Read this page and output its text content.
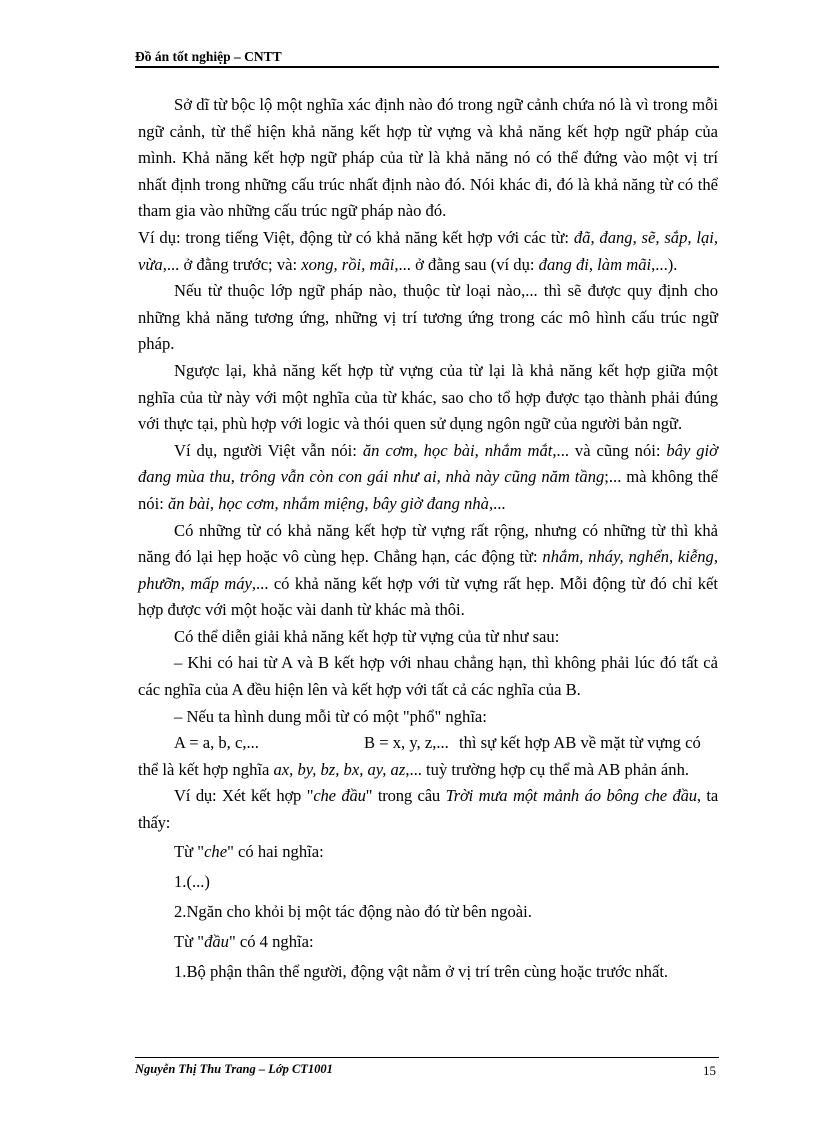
Đồ án tốt nghiệp – CNTT

Sở dĩ từ bộc lộ một nghĩa xác định nào đó trong ngữ cảnh chứa nó là vì trong mỗi ngữ cảnh, từ thể hiện khả năng kết hợp từ vựng và khả năng kết hợp ngữ pháp của mình. Khả năng kết hợp ngữ pháp của từ là khả năng nó có thể đứng vào một vị trí nhất định trong những cấu trúc nhất định nào đó. Nói khác đi, đó là khả năng từ có thể tham gia vào những cấu trúc ngữ pháp nào đó.

Ví dụ: trong tiếng Việt, động từ có khả năng kết hợp với các từ: đã, đang, sẽ, sắp, lại, vừa,... ở đằng trước; và: xong, rồi, mãi,... ở đằng sau (ví dụ: đang đi, làm mãi,...).

Nếu từ thuộc lớp ngữ pháp nào, thuộc từ loại nào,... thì sẽ được quy định cho những khả năng tương ứng, những vị trí tương ứng trong các mô hình cấu trúc ngữ pháp.

Ngược lại, khả năng kết hợp từ vựng của từ lại là khả năng kết hợp giữa một nghĩa của từ này với một nghĩa của từ khác, sao cho tổ hợp được tạo thành phải đúng với thực tại, phù hợp với logic và thói quen sử dụng ngôn ngữ của người bản ngữ.

Ví dụ, người Việt vẫn nói: ăn cơm, học bài, nhắm mắt,... và cũng nói: bây giờ đang mùa thu, trông vẫn còn con gái như ai, nhà này cũng năm tầng;... mà không thể nói: ăn bài, học cơm, nhắm miệng, bây giờ đang nhà,...

Có những từ có khả năng kết hợp từ vựng rất rộng, nhưng có những từ thì khả năng đó lại hẹp hoặc vô cùng hẹp. Chẳng hạn, các động từ: nhắm, nháy, nghển, kiễng, phưỡn, mấp máy,... có khả năng kết hợp với từ vựng rất hẹp. Mỗi động từ đó chỉ kết hợp được với một hoặc vài danh từ khác mà thôi.

Có thể diễn giải khả năng kết hợp từ vựng của từ như sau:

– Khi có hai từ A và B kết hợp với nhau chẳng hạn, thì không phải lúc đó tất cả các nghĩa của A đều hiện lên và kết hợp với tất cả các nghĩa của B.

– Nếu ta hình dung mỗi từ có một "phổ" nghĩa:

A = a, b, c,...	B = x, y, z,... thì sự kết hợp AB về mặt từ vựng có

thể là kết hợp nghĩa ax, by, bz, bx, ay, az,... tuỳ trường hợp cụ thể mà AB phản ánh.

Ví dụ: Xét kết hợp "che đầu" trong câu Trời mưa một mảnh áo bông che đầu, ta thấy:

Từ "che" có hai nghĩa:

1.(...)

2.Ngăn cho khỏi bị một tác động nào đó từ bên ngoài.

Từ "đầu" có 4 nghĩa:

1.Bộ phận thân thể người, động vật nằm ở vị trí trên cùng hoặc trước nhất.

Nguyễn Thị Thu Trang – Lớp CT1001	15
